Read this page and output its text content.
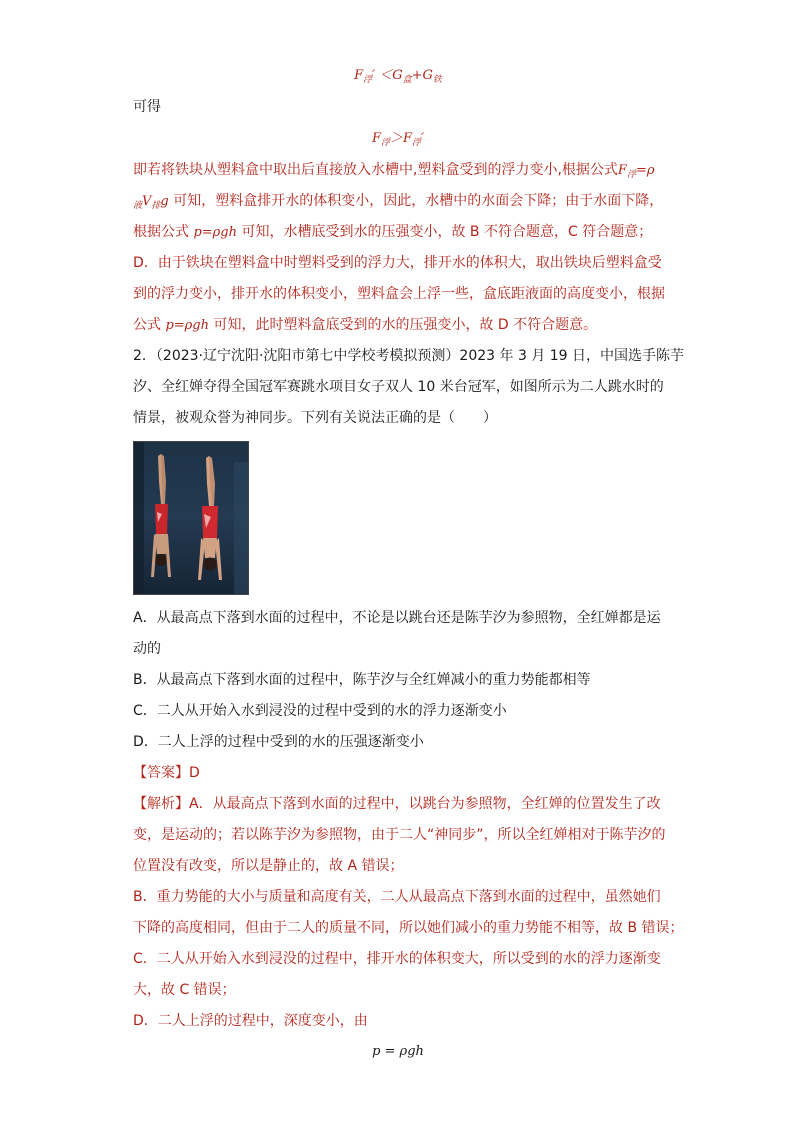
$F_浮' <G_盒+G_铁$
可得
$F_浮>F_浮'$
即若将铁块从塑料盒中取出后直接放入水槽中,塑料盒受到的浮力变小,根据公式$F_浮=\rho$
$_液V_排g$ 可知，塑料盒排开水的体积变小，因此，水槽中的水面会下降；由于水面下降，
根据公式 p=ρgh 可知，水槽底受到水的压强变小，故 B 不符合题意，C 符合题意；
D．由于铁块在塑料盒中时塑料受到的浮力大，排开水的体积大，取出铁块后塑料盒受
到的浮力变小，排开水的体积变小，塑料盒会上浮一些，盒底距液面的高度变小，根据
公式 p=ρgh 可知，此时塑料盒底受到的水的压强变小，故 D 不符合题意。
2．（2023·辽宁沈阳·沈阳市第七中学校考模拟预测）2023 年 3 月 19 日，中国选手陈芋
汐、全红婵夺得全国冠军赛跳水项目女子双人 10 米台冠军，如图所示为二人跳水时的
情景，被观众誉为神同步。下列有关说法正确的是（　　）
A．从最高点下落到水面的过程中，不论是以跳台还是陈芋汐为参照物，全红婵都是运
动的
B．从最高点下落到水面的过程中，陈芋汐与全红婵减小的重力势能都相等
C．二人从开始入水到浸没的过程中受到的水的浮力逐渐变小
D．二人上浮的过程中受到的水的压强逐渐变小
【答案】D
【解析】A．从最高点下落到水面的过程中，以跳台为参照物，全红婵的位置发生了改
变，是运动的；若以陈芋汐为参照物，由于二人“神同步”，所以全红婵相对于陈芋汐的
位置没有改变，所以是静止的，故 A 错误；
B．重力势能的大小与质量和高度有关，二人从最高点下落到水面的过程中，虽然她们
下降的高度相同，但由于二人的质量不同，所以她们减小的重力势能不相等，故 B 错误；
C．二人从开始入水到浸没的过程中，排开水的体积变大，所以受到的水的浮力逐渐变
大，故 C 错误；
D．二人上浮的过程中，深度变小，由
p = ρgh
